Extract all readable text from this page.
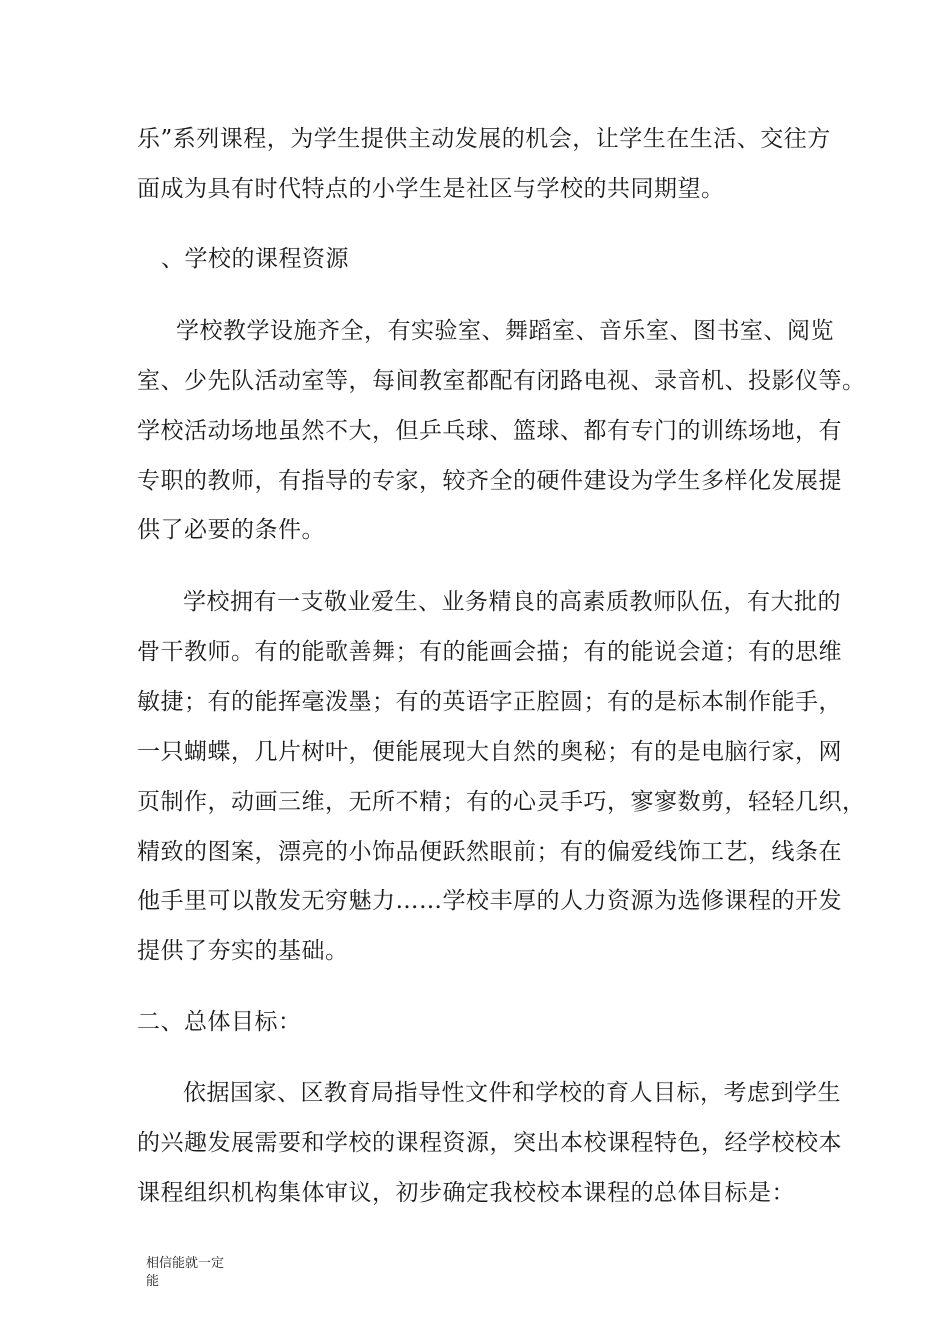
乐”系列课程，为学生提供主动发展的机会，让学生在生活、交往方
面成为具有时代特点的小学生是社区与学校的共同期望。
、学校的课程资源
学校教学设施齐全，有实验室、舞蹈室、音乐室、图书室、阅览
室、少先队活动室等，每间教室都配有闭路电视、录音机、投影仪等。
学校活动场地虽然不大，但乒乓球、篮球、都有专门的训练场地，有
专职的教师，有指导的专家，较齐全的硬件建设为学生多样化发展提
供了必要的条件。
学校拥有一支敬业爱生、业务精良的高素质教师队伍，有大批的
骨干教师。有的能歌善舞；有的能画会描；有的能说会道；有的思维
敏捷；有的能挥毫泼墨；有的英语字正腔圆；有的是标本制作能手，
一只蝴蝶，几片树叶，便能展现大自然的奥秘；有的是电脑行家，网
页制作，动画三维，无所不精；有的心灵手巧，寥寥数剪，轻轻几织，
精致的图案，漂亮的小饰品便跃然眼前；有的偏爱线饰工艺，线条在
他手里可以散发无穷魅力……学校丰厚的人力资源为选修课程的开发
提供了夯实的基础。
二、总体目标：
依据国家、区教育局指导性文件和学校的育人目标，考虑到学生
的兴趣发展需要和学校的课程资源，突出本校课程特色，经学校校本
课程组织机构集体审议，初步确定我校校本课程的总体目标是：
相信能就一定
能
